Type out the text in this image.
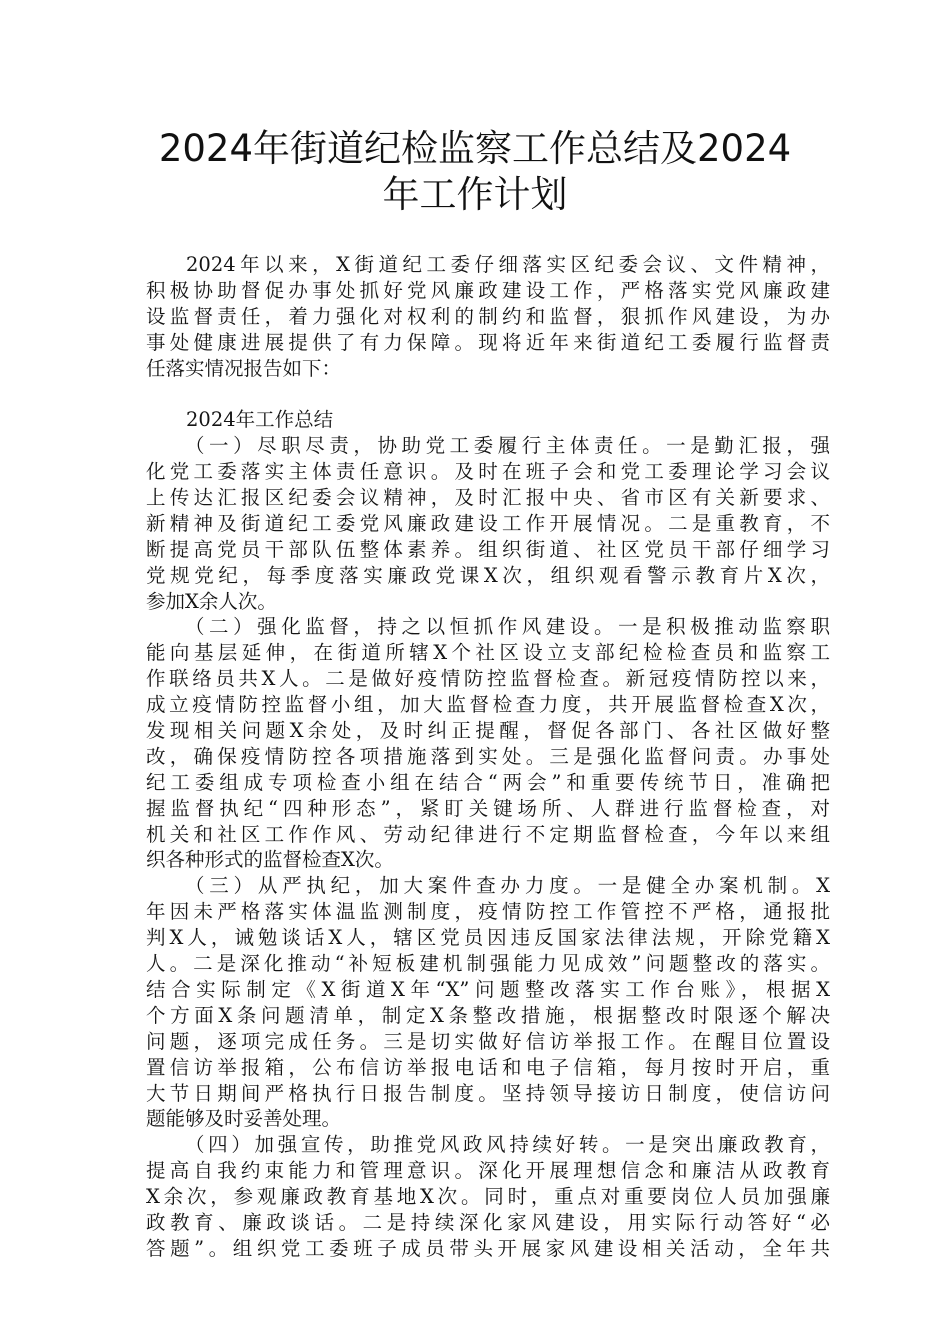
2024年街道纪检监察工作总结及2024
年工作计划
2024年以来，X街道纪工委仔细落实区纪委会议、文件精神，
积极协助督促办事处抓好党风廉政建设工作，严格落实党风廉政建
设监督责任，着力强化对权利的制约和监督，狠抓作风建设，为办
事处健康进展提供了有力保障。现将近年来街道纪工委履行监督责
任落实情况报告如下：
2024年工作总结
（一）尽职尽责，协助党工委履行主体责任。一是勤汇报，强
化党工委落实主体责任意识。及时在班子会和党工委理论学习会议
上传达汇报区纪委会议精神，及时汇报中央、省市区有关新要求、
新精神及街道纪工委党风廉政建设工作开展情况。二是重教育，不
断提高党员干部队伍整体素养。组织街道、社区党员干部仔细学习
党规党纪，每季度落实廉政党课X次，组织观看警示教育片X次，
参加X余人次。
（二）强化监督，持之以恒抓作风建设。一是积极推动监察职
能向基层延伸，在街道所辖X个社区设立支部纪检检查员和监察工
作联络员共X人。二是做好疫情防控监督检查。新冠疫情防控以来，
成立疫情防控监督小组，加大监督检查力度，共开展监督检查X次，
发现相关问题X余处，及时纠正提醒，督促各部门、各社区做好整
改，确保疫情防控各项措施落到实处。三是强化监督问责。办事处
纪工委组成专项检查小组在结合“两会”和重要传统节日，准确把
握监督执纪“四种形态”，紧盯关键场所、人群进行监督检查，对
机关和社区工作作风、劳动纪律进行不定期监督检查，今年以来组
织各种形式的监督检查X次。
（三）从严执纪，加大案件查办力度。一是健全办案机制。X
年因未严格落实体温监测制度，疫情防控工作管控不严格，通报批
判X人，诫勉谈话X人，辖区党员因违反国家法律法规，开除党籍X
人。二是深化推动“补短板建机制强能力见成效”问题整改的落实。
结合实际制定《X街道X年“X”问题整改落实工作台账》，根据X
个方面X条问题清单，制定X条整改措施，根据整改时限逐个解决
问题，逐项完成任务。三是切实做好信访举报工作。在醒目位置设
置信访举报箱，公布信访举报电话和电子信箱，每月按时开启，重
大节日期间严格执行日报告制度。坚持领导接访日制度，使信访问
题能够及时妥善处理。
（四）加强宣传，助推党风政风持续好转。一是突出廉政教育，
提高自我约束能力和管理意识。深化开展理想信念和廉洁从政教育
X余次，参观廉政教育基地X次。同时，重点对重要岗位人员加强廉
政教育、廉政谈话。二是持续深化家风建设，用实际行动答好“必
答题”。组织党工委班子成员带头开展家风建设相关活动，全年共
